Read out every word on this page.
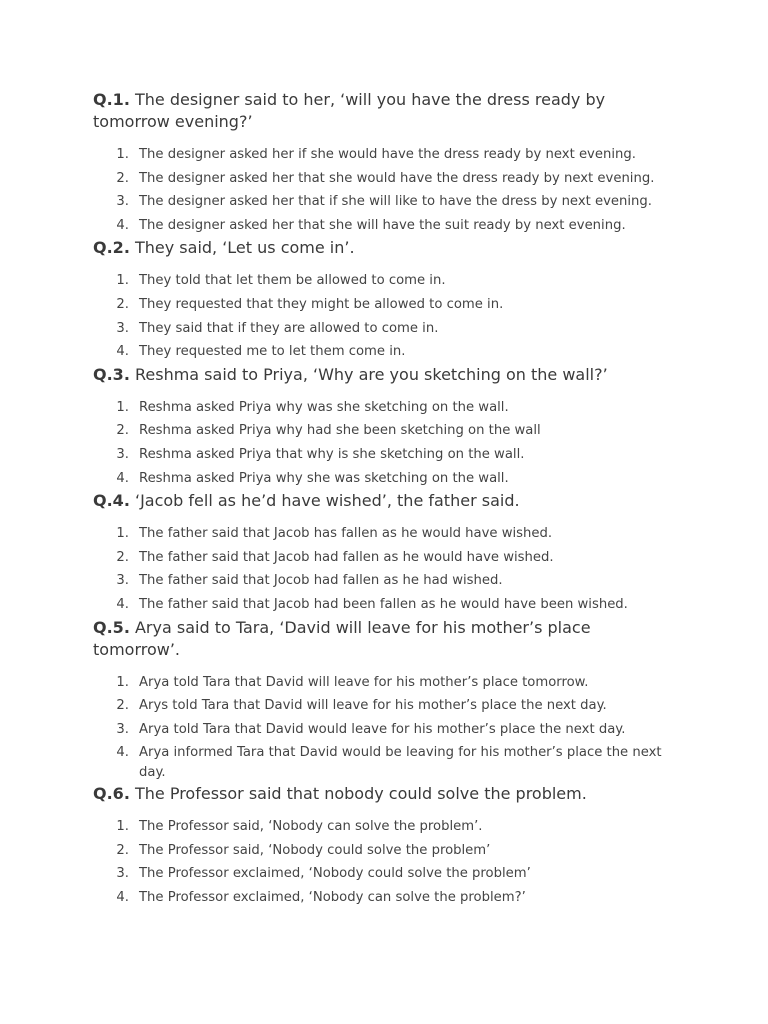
Q.1. The designer said to her, ‘will you have the dress ready by tomorrow evening?’

1. The designer asked her if she would have the dress ready by next evening.
2. The designer asked her that she would have the dress ready by next evening.
3. The designer asked her that if she will like to have the dress by next evening.
4. The designer asked her that she will have the suit ready by next evening.

Q.2. They said, ‘Let us come in’.

1. They told that let them be allowed to come in.
2. They requested that they might be allowed to come in.
3. They said that if they are allowed to come in.
4. They requested me to let them come in.

Q.3. Reshma said to Priya, ‘Why are you sketching on the wall?’

1. Reshma asked Priya why was she sketching on the wall.
2. Reshma asked Priya why had she been sketching on the wall
3. Reshma asked Priya that why is she sketching on the wall.
4. Reshma asked Priya why she was sketching on the wall.

Q.4. ‘Jacob fell as he’d have wished’, the father said.

1. The father said that Jacob has fallen as he would have wished.
2. The father said that Jacob had fallen as he would have wished.
3. The father said that Jocob had fallen as he had wished.
4. The father said that Jacob had been fallen as he would have been wished.

Q.5. Arya said to Tara, ‘David will leave for his mother’s place tomorrow’.

1. Arya told Tara that David will leave for his mother’s place tomorrow.
2. Arys told Tara that David will leave for his mother’s place the next day.
3. Arya told Tara that David would leave for his mother’s place the next day.
4. Arya informed Tara that David would be leaving for his mother’s place the next day.

Q.6. The Professor said that nobody could solve the problem.

1. The Professor said, ‘Nobody can solve the problem’.
2. The Professor said, ‘Nobody could solve the problem’
3. The Professor exclaimed, ‘Nobody could solve the problem’
4. The Professor exclaimed, ‘Nobody can solve the problem?’
